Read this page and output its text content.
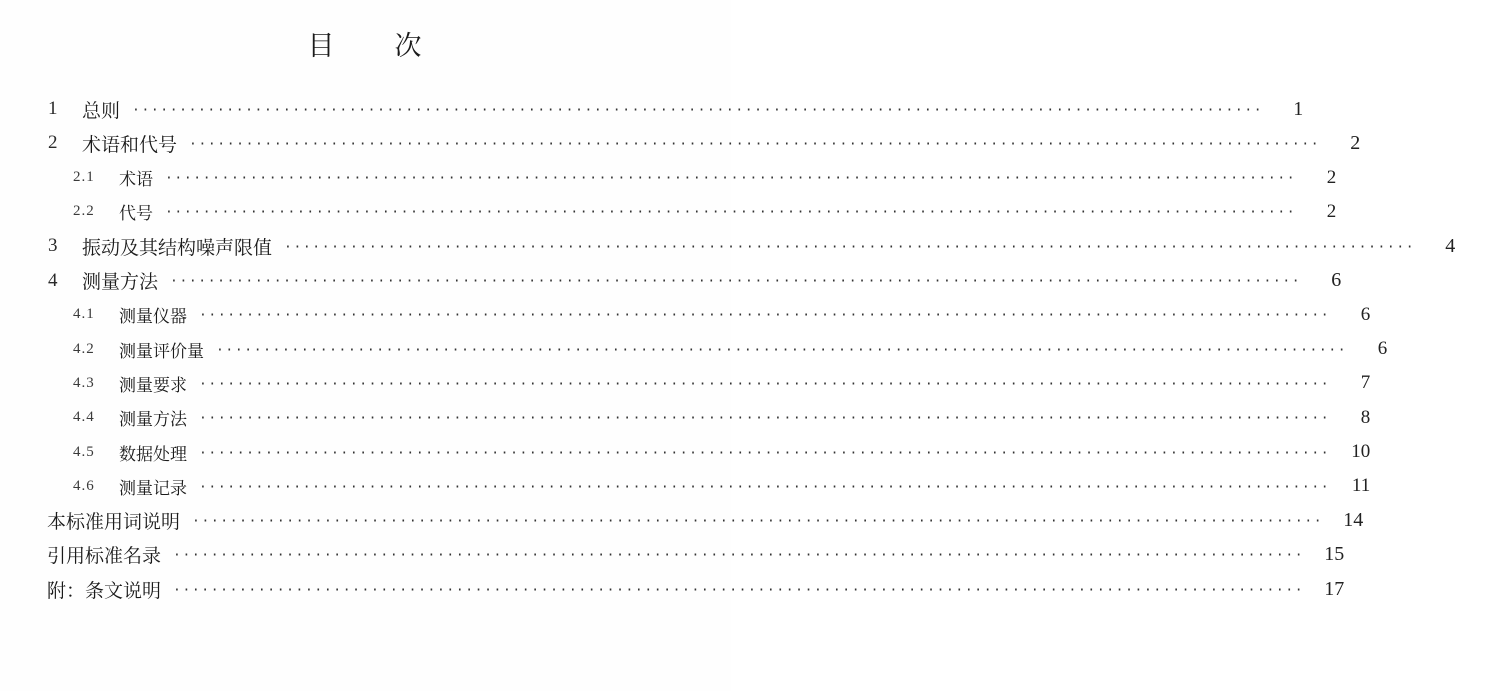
目　　次
1	总则 ························································································································	1
2	术语和代号 ························································································································	2
2.1	术语 ························································································································	2
2.2	代号 ························································································································	2
3	振动及其结构噪声限值 ························································································································	4
4	测量方法 ························································································································	6
4.1	测量仪器 ························································································································	6
4.2	测量评价量 ························································································································	6
4.3	测量要求 ························································································································	7
4.4	测量方法 ························································································································	8
4.5	数据处理 ························································································································	10
4.6	测量记录 ························································································································	11
本标准用词说明 ························································································································	14
引用标准名录 ························································································································	15
附：条文说明 ························································································································	17
